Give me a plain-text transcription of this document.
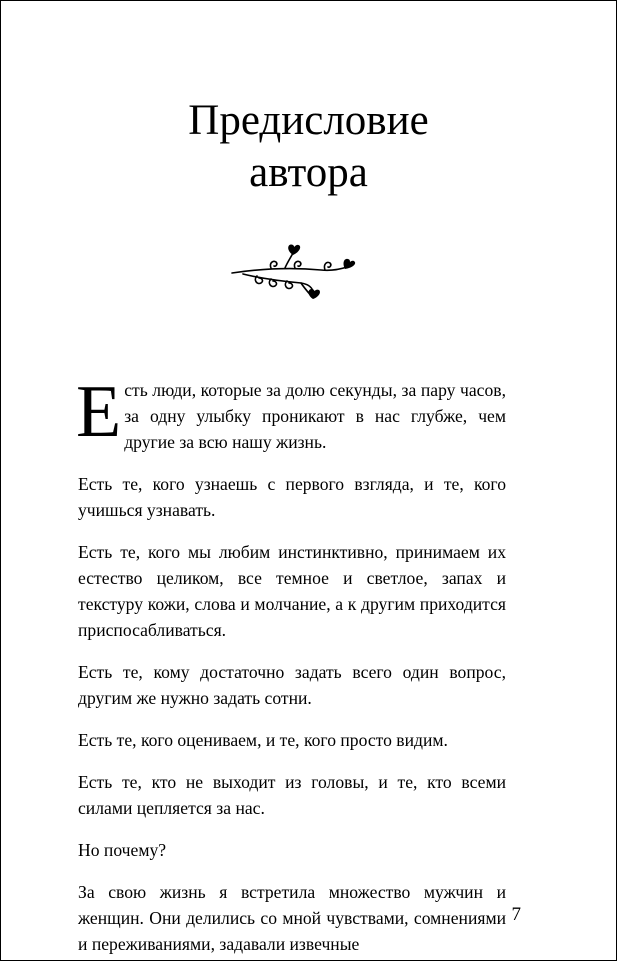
Предисловие
автора

Есть люди, которые за долю секунды, за пару часов, за одну улыбку проникают в нас глубже, чем другие за всю нашу жизнь.

Есть те, кого узнаешь с первого взгляда, и те, кого учишься узнавать.

Есть те, кого мы любим инстинктивно, принимаем их естество целиком, все темное и светлое, запах и текстуру кожи, слова и молчание, а к другим приходится приспосабливаться.

Есть те, кому достаточно задать всего один вопрос, другим же нужно задать сотни.

Есть те, кого оцениваем, и те, кого просто видим.

Есть те, кто не выходит из головы, и те, кто всеми силами цепляется за нас.

Но почему?

За свою жизнь я встретила множество мужчин и женщин. Они делились со мной чувствами, сомнениями и переживаниями, задавали извечные

7
